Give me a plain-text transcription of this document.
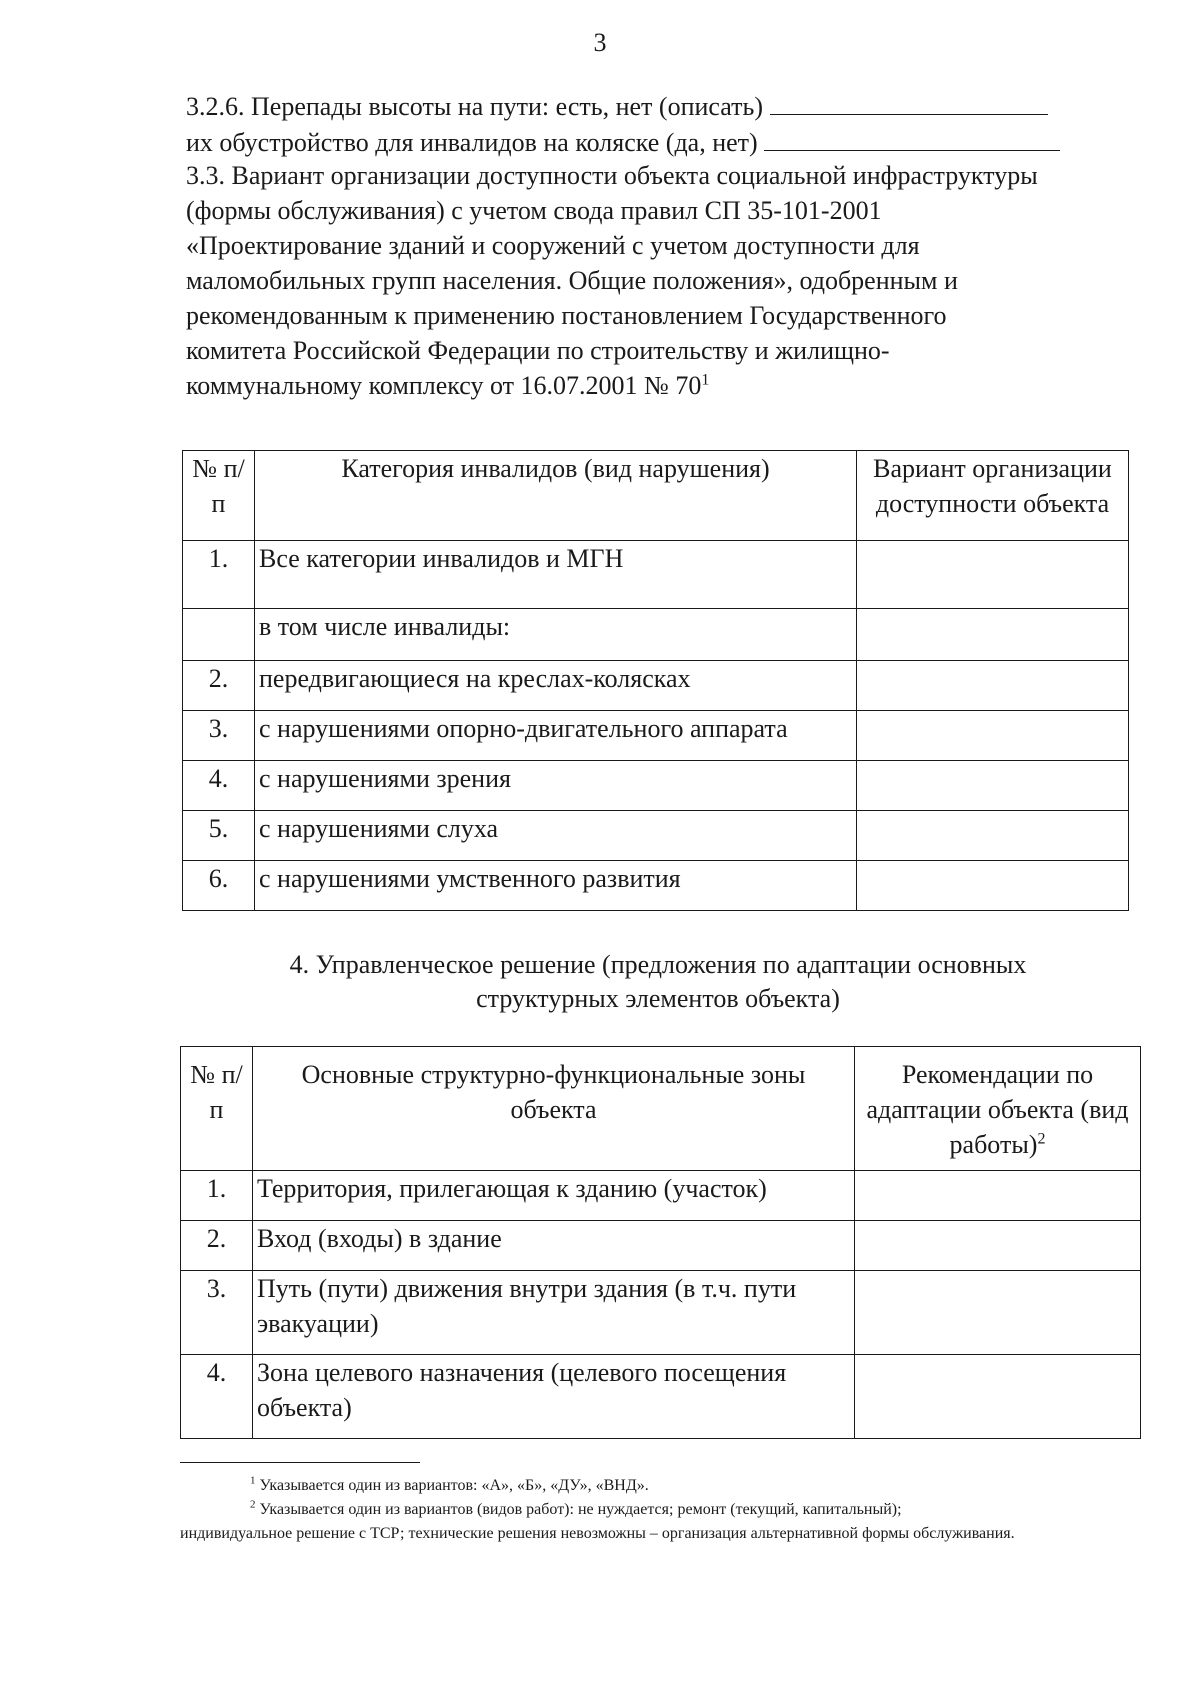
3
3.2.6. Перепады высоты на пути: есть, нет (описать)
их обустройство для инвалидов на коляске (да, нет)
3.3. Вариант организации доступности объекта социальной инфраструктуры
(формы обслуживания) с учетом свода правил СП 35-101-2001
«Проектирование зданий и сооружений с учетом доступности для
маломобильных групп населения. Общие положения», одобренным и
рекомендованным к применению постановлением Государственного
комитета Российской Федерации по строительству и жилищно-
коммунальному комплексу от 16.07.2001 № $70^1$
№ п/п	Категория инвалидов (вид нарушения)	Вариант организации доступности объекта
1.	Все категории инвалидов и МГН	
	в том числе инвалиды:	
2.	передвигающиеся на креслах-колясках	
3.	с нарушениями опорно-двигательного аппарата	
4.	с нарушениями зрения	
5.	с нарушениями слуха	
6.	с нарушениями умственного развития	
4. Управленческое решение (предложения по адаптации основных
структурных элементов объекта)
№ п/п	Основные структурно-функциональные зоны объекта	Рекомендации по адаптации объекта (вид работы)$^2$
1.	Территория, прилегающая к зданию (участок)	
2.	Вход (входы) в здание	
3.	Путь (пути) движения внутри здания (в т.ч. пути эвакуации)	
4.	Зона целевого назначения (целевого посещения объекта)	
$^1$ Указывается один из вариантов: «А», «Б», «ДУ», «ВНД».
$^2$ Указывается один из вариантов (видов работ): не нуждается; ремонт (текущий, капитальный);
индивидуальное решение с ТСР; технические решения невозможны – организация альтернативной формы обслуживания.
